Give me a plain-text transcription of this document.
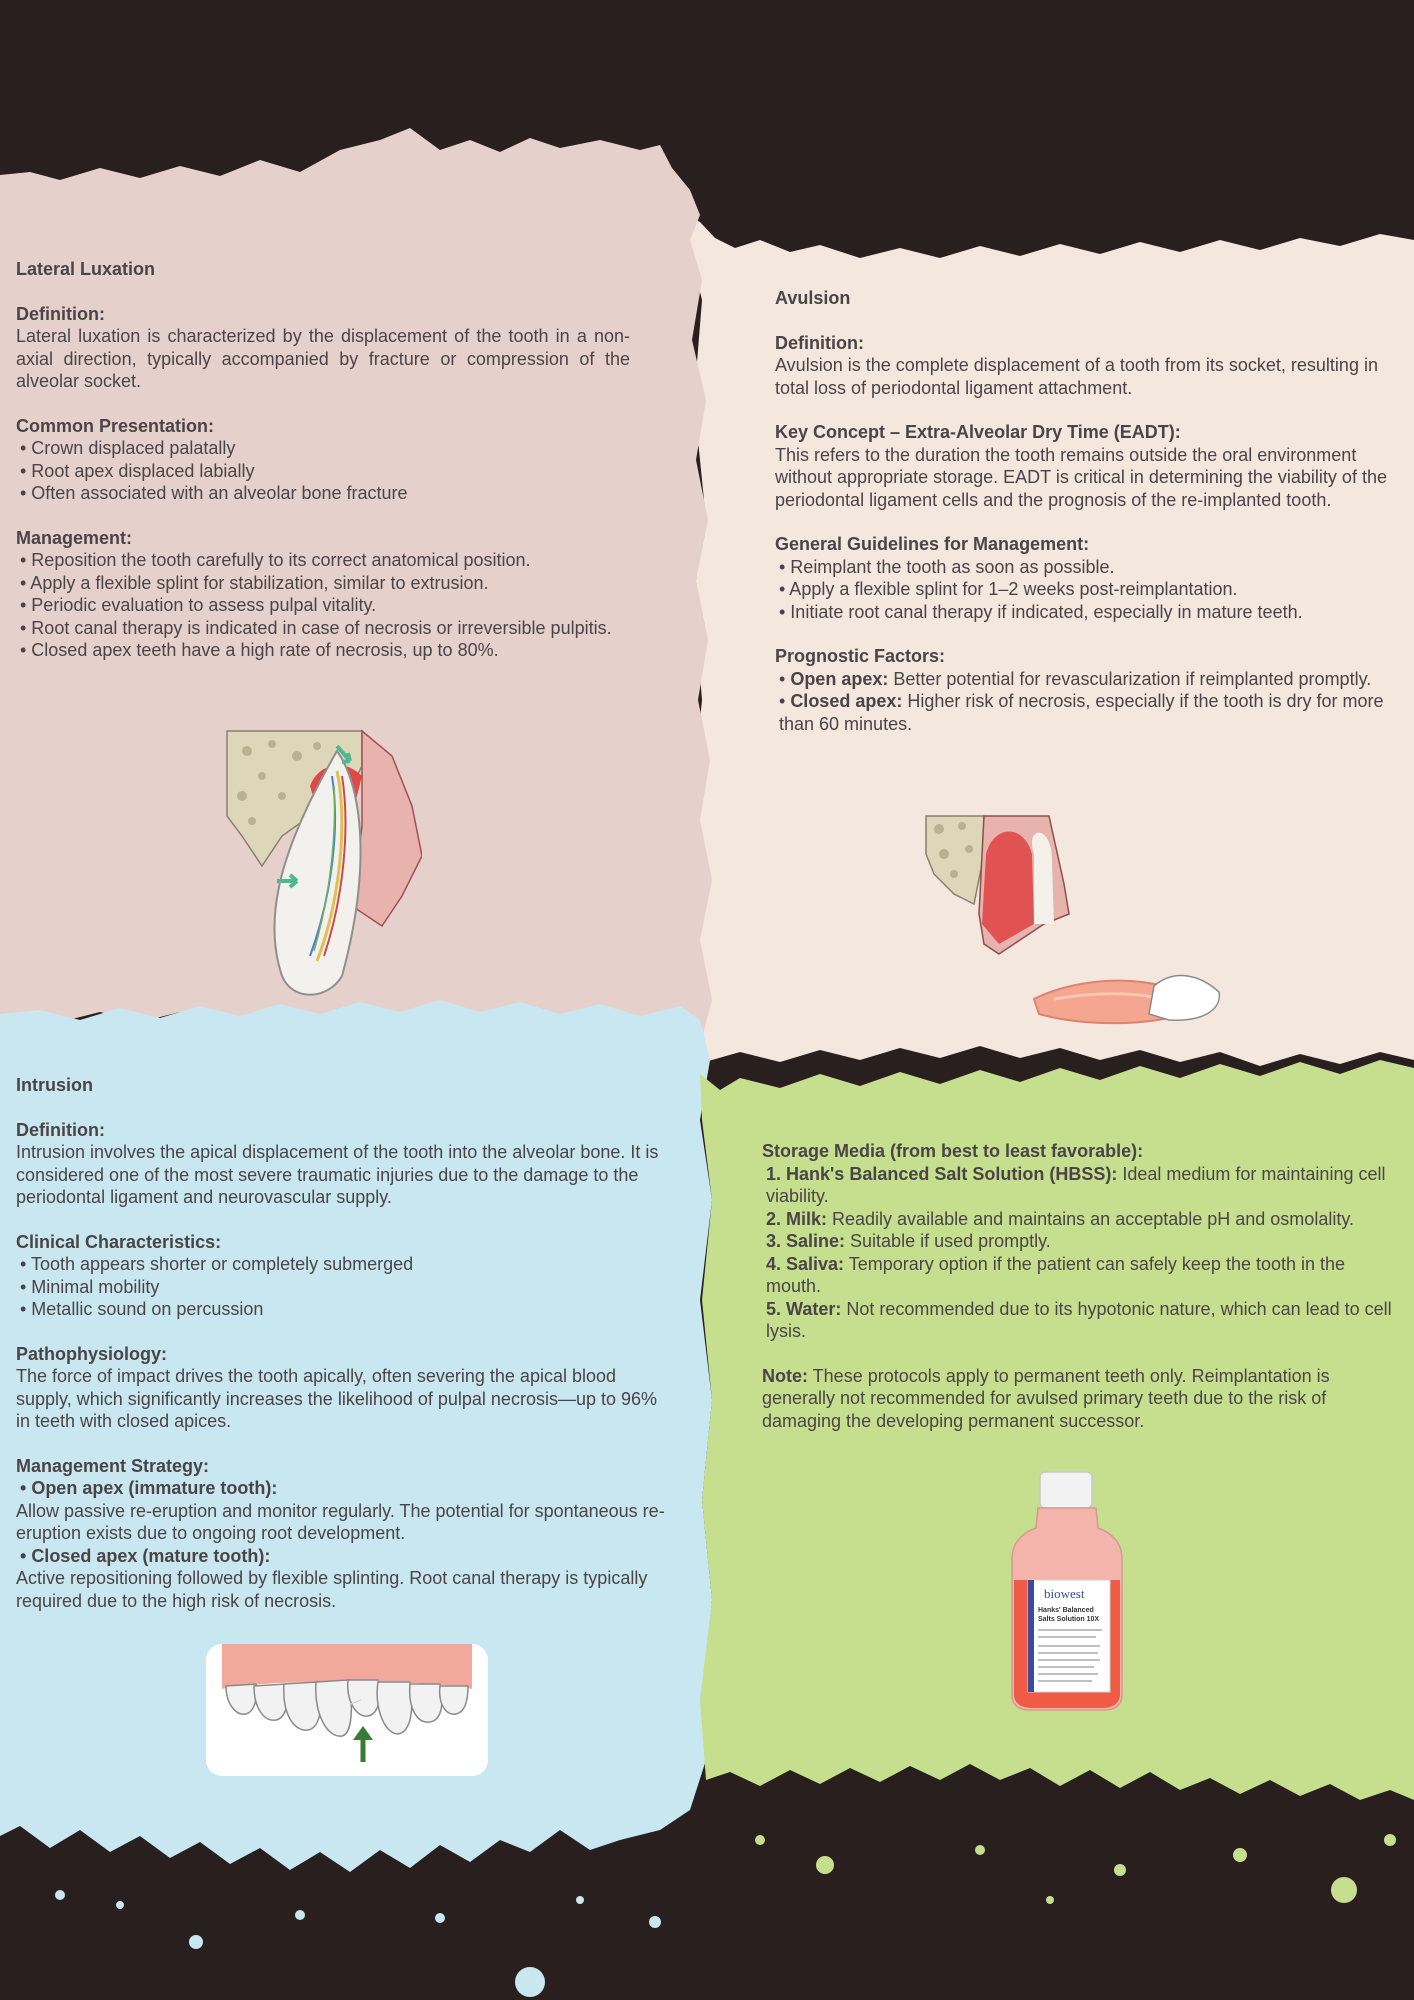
Lateral Luxation

Definition:

Lateral luxation is characterized by the displacement of the tooth in a non-axial direction, typically accompanied by fracture or compression of the alveolar socket.

Common Presentation:

• Crown displaced palatally

• Root apex displaced labially

• Often associated with an alveolar bone fracture

Management:

• Reposition the tooth carefully to its correct anatomical position.

• Apply a flexible splint for stabilization, similar to extrusion.

• Periodic evaluation to assess pulpal vitality.

• Root canal therapy is indicated in case of necrosis or irreversible pulpitis.

• Closed apex teeth have a high rate of necrosis, up to 80%.

Avulsion

Definition:

Avulsion is the complete displacement of a tooth from its socket, resulting in total loss of periodontal ligament attachment.

Key Concept – Extra-Alveolar Dry Time (EADT):

This refers to the duration the tooth remains outside the oral environment without appropriate storage. EADT is critical in determining the viability of the periodontal ligament cells and the prognosis of the re-implanted tooth.

General Guidelines for Management:

• Reimplant the tooth as soon as possible.

• Apply a flexible splint for 1–2 weeks post-reimplantation.

• Initiate root canal therapy if indicated, especially in mature teeth.

Prognostic Factors:

• Open apex: Better potential for revascularization if reimplanted promptly.

• Closed apex: Higher risk of necrosis, especially if the tooth is dry for more than 60 minutes.

Intrusion

Definition:

Intrusion involves the apical displacement of the tooth into the alveolar bone. It is considered one of the most severe traumatic injuries due to the damage to the periodontal ligament and neurovascular supply.

Clinical Characteristics:

• Tooth appears shorter or completely submerged

• Minimal mobility

• Metallic sound on percussion

Pathophysiology:

The force of impact drives the tooth apically, often severing the apical blood supply, which significantly increases the likelihood of pulpal necrosis—up to 96% in teeth with closed apices.

Management Strategy:

• Open apex (immature tooth):

Allow passive re-eruption and monitor regularly. The potential for spontaneous re-eruption exists due to ongoing root development.

• Closed apex (mature tooth):

Active repositioning followed by flexible splinting. Root canal therapy is typically required due to the high risk of necrosis.

Storage Media (from best to least favorable):

1. Hank's Balanced Salt Solution (HBSS): Ideal medium for maintaining cell viability.

2. Milk: Readily available and maintains an acceptable pH and osmolality.

3. Saline: Suitable if used promptly.

4. Saliva: Temporary option if the patient can safely keep the tooth in the mouth.

5. Water: Not recommended due to its hypotonic nature, which can lead to cell lysis.

Note: These protocols apply to permanent teeth only. Reimplantation is generally not recommended for avulsed primary teeth due to the risk of damaging the developing permanent successor.

biowest
Hanks' Balanced
Salts Solution 10X
